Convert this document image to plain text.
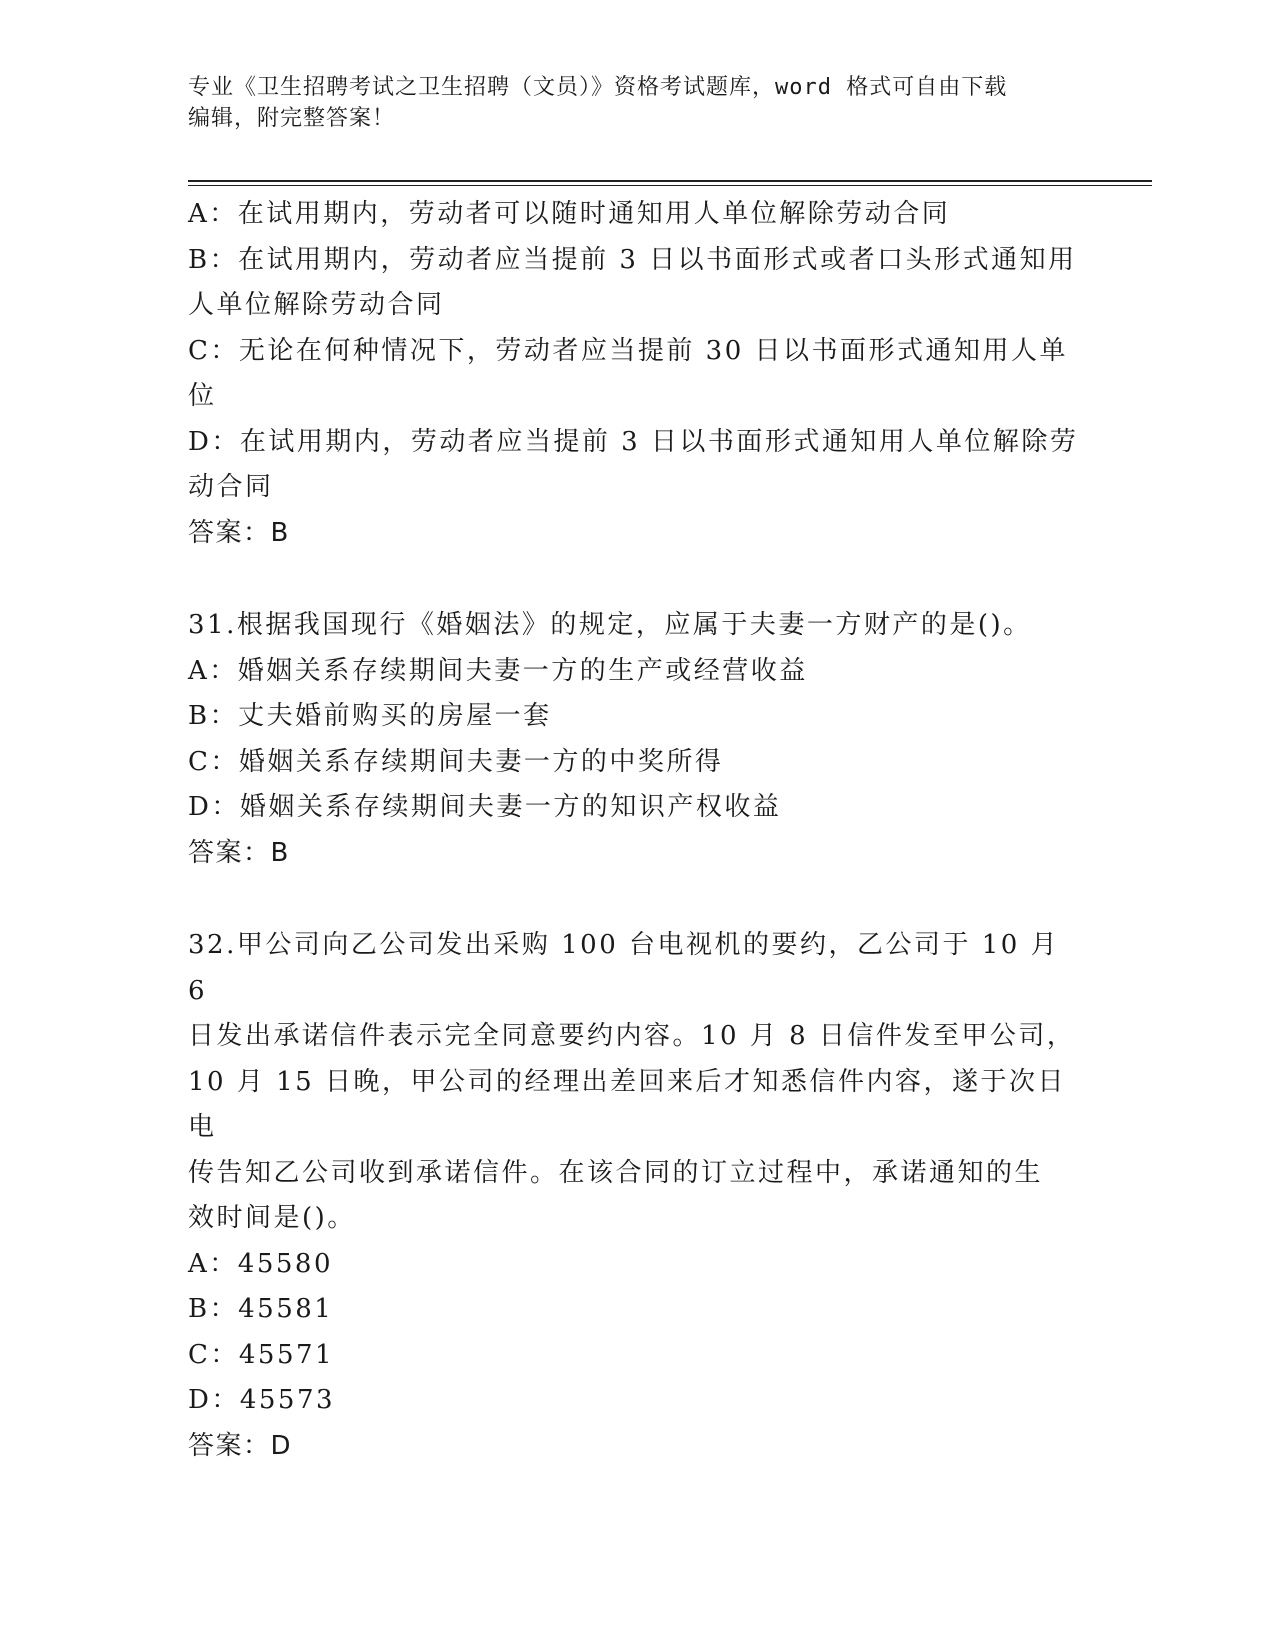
专业《卫生招聘考试之卫生招聘（文员）》资格考试题库，word 格式可自由下载
编辑，附完整答案！

A：在试用期内，劳动者可以随时通知用人单位解除劳动合同

B：在试用期内，劳动者应当提前 3 日以书面形式或者口头形式通知用

人单位解除劳动合同

C：无论在何种情况下，劳动者应当提前 30 日以书面形式通知用人单

位

D：在试用期内，劳动者应当提前 3 日以书面形式通知用人单位解除劳

动合同

答案：B

31.根据我国现行《婚姻法》的规定，应属于夫妻一方财产的是()。

A：婚姻关系存续期间夫妻一方的生产或经营收益

B：丈夫婚前购买的房屋一套

C：婚姻关系存续期间夫妻一方的中奖所得

D：婚姻关系存续期间夫妻一方的知识产权收益

答案：B

32.甲公司向乙公司发出采购 100 台电视机的要约，乙公司于 10 月 6

日发出承诺信件表示完全同意要约内容。10 月 8 日信件发至甲公司，

10 月 15 日晚，甲公司的经理出差回来后才知悉信件内容，遂于次日电

传告知乙公司收到承诺信件。在该合同的订立过程中，承诺通知的生

效时间是()。

A：45580

B：45581

C：45571

D：45573

答案：D
